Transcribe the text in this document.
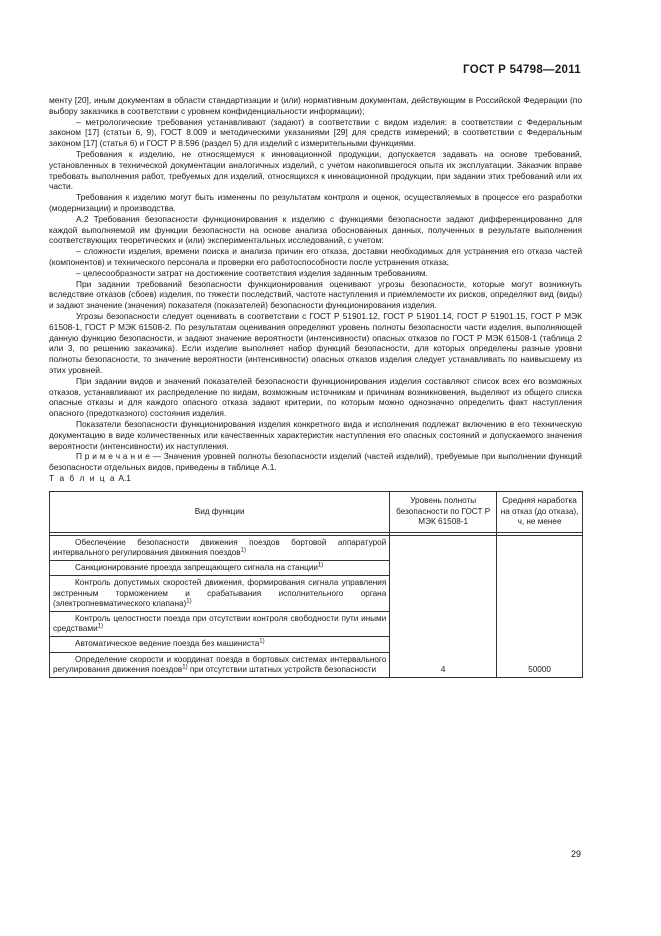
ГОСТ Р 54798—2011

менту [20], иным документам в области стандартизации и (или) нормативным документам, действующим в Российской Федерации (по выбору заказчика в соответствии с уровнем конфиденциальности информации);

– метрологические требования устанавливают (задают) в соответствии с видом изделия: в соответствии с Федеральным законом [17] (статьи 6, 9), ГОСТ 8.009 и методическими указаниями [29] для средств измерений; в соответствии с Федеральным законом [17] (статья 6) и ГОСТ Р 8.596 (раздел 5) для изделий с измерительными функциями.

Требования к изделию, не относящемуся к инновационной продукции, допускается задавать на основе требований, установленных в технической документации аналогичных изделий, с учетом накопившегося опыта их эксплуатации. Заказчик вправе требовать выполнения работ, требуемых для изделий, относящихся к инновационной продукции, при задании этих требований или их части.

Требования к изделию могут быть изменены по результатам контроля и оценок, осуществляемых в процессе его разработки (модернизации) и производства.

А.2 Требования безопасности функционирования к изделию с функциями безопасности задают дифференцированно для каждой выполняемой им функции безопасности на основе анализа обоснованных данных, полученных в результате выполнения соответствующих теоретических и (или) экспериментальных исследований, с учетом:

– сложности изделия, времени поиска и анализа причин его отказа, доставки необходимых для устранения его отказа частей (компонентов) и технического персонала и проверки его работоспособности после устранения отказа;

– целесообразности затрат на достижение соответствия изделия заданным требованиям.

При задании требований безопасности функционирования оценивают угрозы безопасности, которые могут возникнуть вследствие отказов (сбоев) изделия, по тяжести последствий, частоте наступления и приемлемости их рисков, определяют вид (виды) и задают значение (значения) показателя (показателей) безопасности функционирования изделия.

Угрозы безопасности следует оценивать в соответствии с ГОСТ Р 51901.12, ГОСТ Р 51901.14, ГОСТ Р 51901.15, ГОСТ Р МЭК 61508-1, ГОСТ Р МЭК 61508-2. По результатам оценивания определяют уровень полноты безопасности части изделия, выполняющей данную функцию безопасности, и задают значение вероятности (интенсивности) опасных отказов по ГОСТ Р МЭК 61508-1 (таблица 2 или 3, по решению заказчика). Если изделие выполняет набор функций безопасности, для которых определены разные уровни полноты безопасности, то значение вероятности (интенсивности) опасных отказов изделия следует устанавливать по наивысшему из этих уровней.

При задании видов и значений показателей безопасности функционирования изделия составляют список всех его возможных отказов, устанавливают их распределение по видам, возможным источникам и причинам возникновения, выделяют из общего списка опасные отказы и для каждого опасного отказа задают критерии, по которым можно однозначно определить факт наступления опасного (предотказного) состояния изделия.

Показатели безопасности функционирования изделия конкретного вида и исполнения подлежат включению в его техническую документацию в виде количественных или качественных характеристик наступления его опасных состояний и допускаемого значения вероятности (интенсивности) их наступления.

П р и м е ч а н и е — Значения уровней полноты безопасности изделий (частей изделий), требуемые при выполнении функций безопасности отдельных видов, приведены в таблице А.1.

Т а б л и ц а А.1

Вид функции	Уровень полноты безопасности по ГОСТ Р МЭК 61508-1	Средняя наработка на отказ (до отказа), ч, не менее

Обеспечение безопасности движения поездов бортовой аппаратурой интервального регулирования движения поездов$^{1)}$	4	50000

Санкционирование проезда запрещающего сигнала на станции$^{1)}$

Контроль допустимых скоростей движения, формирования сигнала управления экстренным торможением и срабатывания исполнительного органа (электропневматического клапана)$^{1)}$

Контроль целостности поезда при отсутствии контроля свободности пути иными средствами$^{1)}$

Автоматическое ведение поезда без машиниста$^{1)}$

Определение скорости и координат поезда в бортовых системах интервального регулирования движения поездов$^{1)}$ при отсутствии штатных устройств безопасности		
29
